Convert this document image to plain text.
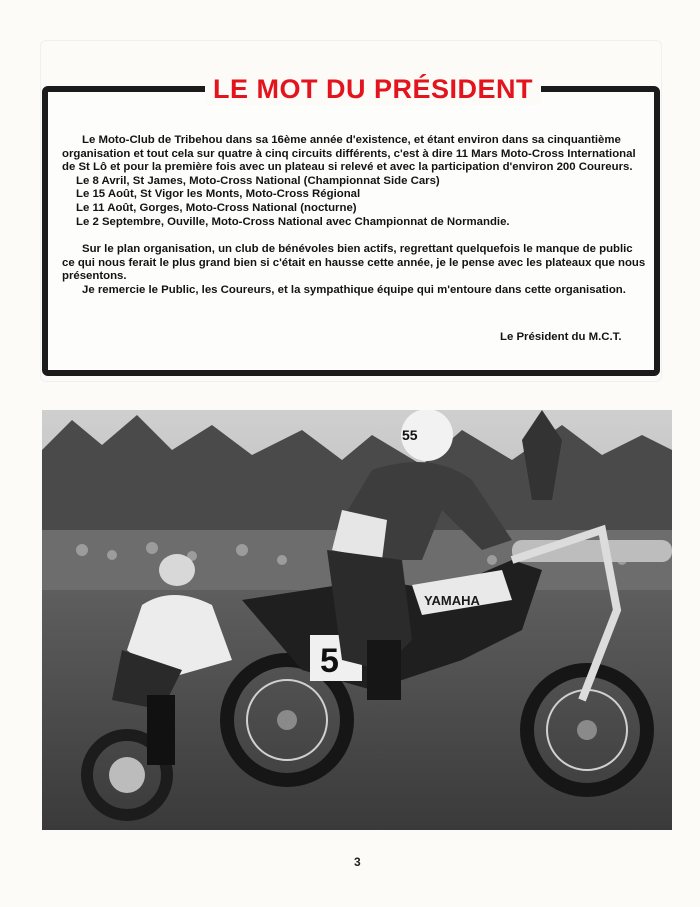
LE MOT DU PRÉSIDENT

Le Moto-Club de Tribehou dans sa 16ème année d'existence, et étant environ dans sa cinquantième organisation et tout cela sur quatre à cinq circuits différents, c'est à dire 11 Mars Moto-Cross International de St Lô et pour la première fois avec un plateau si relevé et avec la participation d'environ 200 Coureurs.

Le 8 Avril, St James, Moto-Cross National (Championnat Side Cars)

Le 15 Août, St Vigor les Monts, Moto-Cross Régional

Le 11 Août, Gorges, Moto-Cross National (nocturne)

Le 2 Septembre, Ouville, Moto-Cross National avec Championnat de Normandie.

Sur le plan organisation, un club de bénévoles bien actifs, regrettant quelquefois le manque de public ce qui nous ferait le plus grand bien si c'était en hausse cette année, je le pense avec les plateaux que nous présentons.

Je remercie le Public, les Coureurs, et la sympathique équipe qui m'entoure dans cette organisation.

Le Président du M.C.T.
YAMAHA
5
55
3
